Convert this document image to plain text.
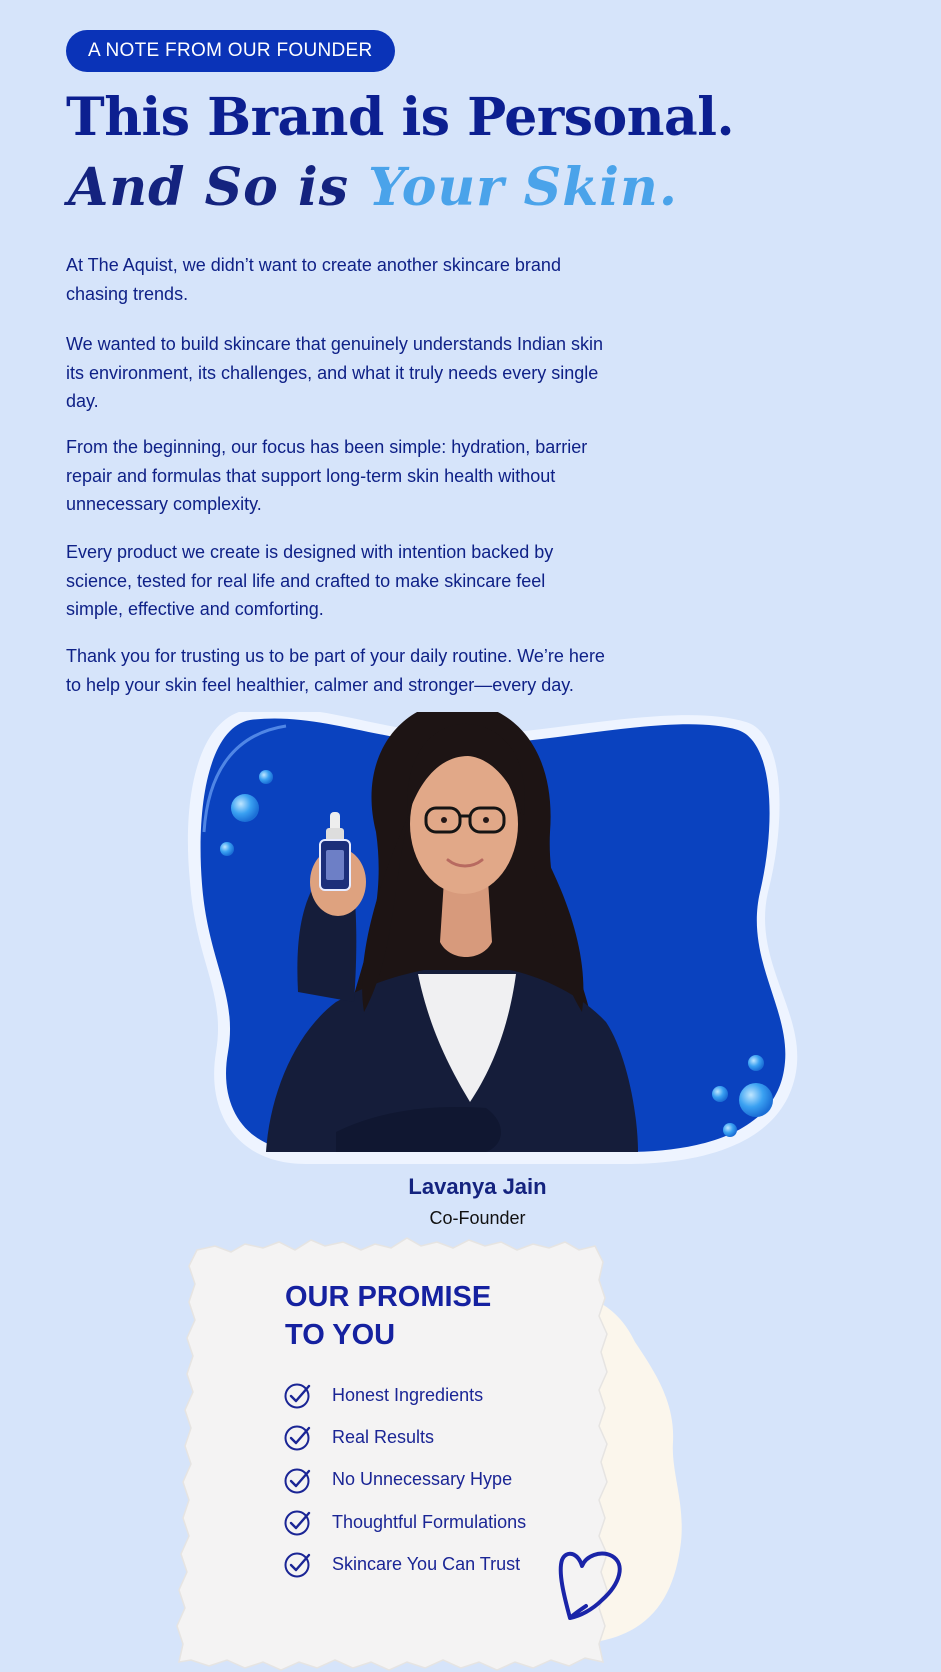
A NOTE FROM OUR FOUNDER
This Brand is Personal.
And So is Your Skin.

At The Aquist, we didn’t want to create another skincare brand chasing trends.

We wanted to build skincare that genuinely understands Indian skin its environment, its challenges, and what it truly needs every single day.

From the beginning, our focus has been simple: hydration, barrier repair and formulas that support long-term skin health without unnecessary complexity.

Every product we create is designed with intention backed by science, tested for real life and crafted to make skincare feel simple, effective and comforting.

Thank you for trusting us to be part of your daily routine. We’re here to help your skin feel healthier, calmer and stronger—every day.

Lavanya Jain

Co-Founder

OUR PROMISE
TO YOU
Honest Ingredients
Real Results
No Unnecessary Hype
Thoughtful Formulations
Skincare You Can Trust
